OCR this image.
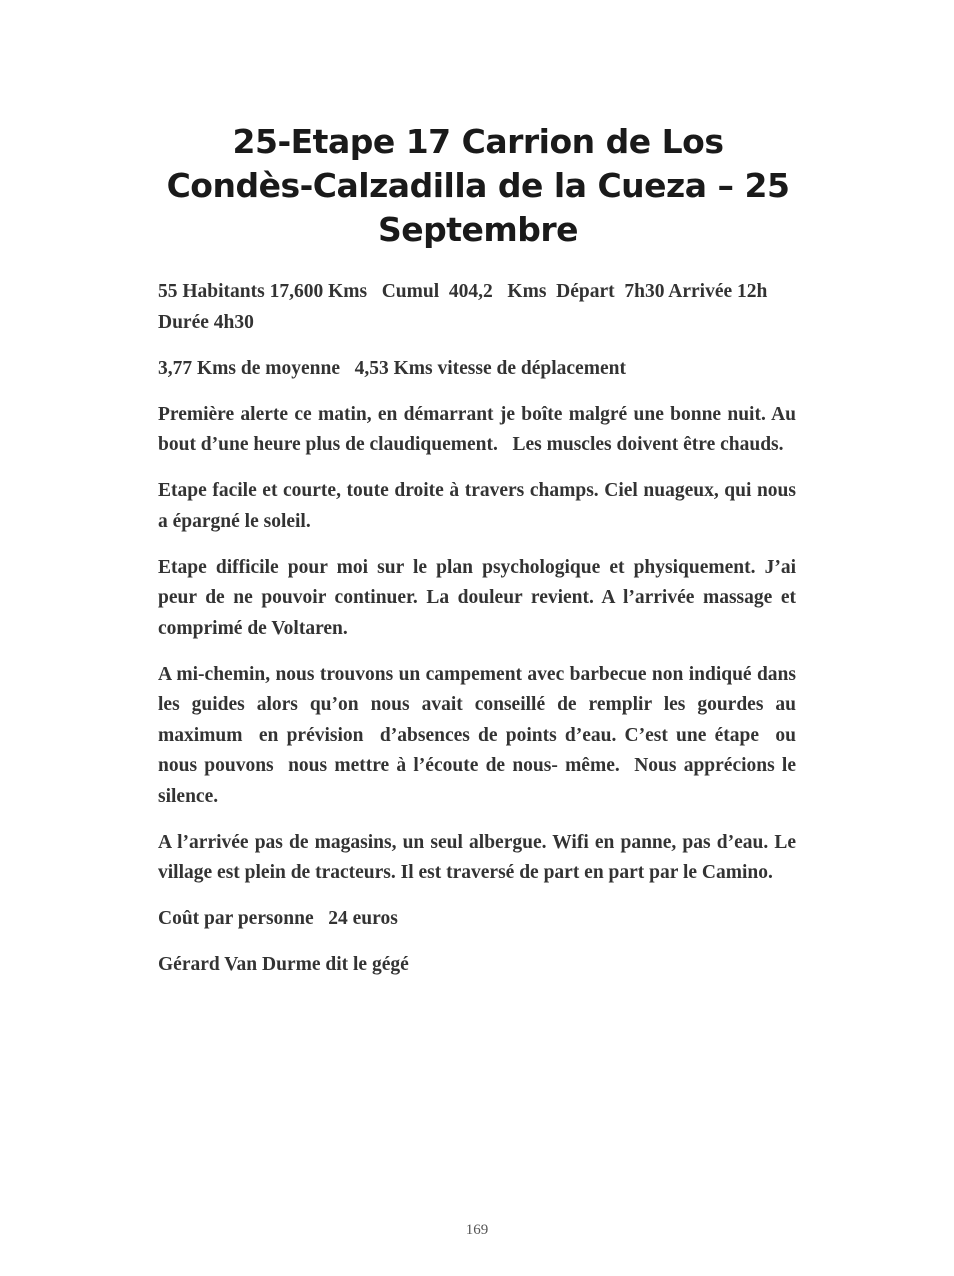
25-Etape 17 Carrion de Los
Condès-Calzadilla de la Cueza – 25
Septembre

55 Habitants 17,600 Kms   Cumul  404,2   Kms  Départ  7h30 Arrivée 12h  Durée 4h30

3,77 Kms de moyenne   4,53 Kms vitesse de déplacement

Première alerte ce matin, en démarrant je boîte malgré une bonne nuit. Au bout d’une heure plus de claudiquement.   Les muscles doivent être chauds.

Etape facile et courte, toute droite à travers champs. Ciel nuageux, qui nous a épargné le soleil.

Etape difficile pour moi sur le plan psychologique et physiquement. J’ai peur de ne pouvoir continuer. La douleur revient. A l’arrivée massage et comprimé de Voltaren.

A mi-chemin, nous trouvons un campement avec barbecue non indiqué dans les guides alors qu’on nous avait conseillé de remplir les gourdes au maximum  en prévision  d’absences de points d’eau. C’est une étape  ou nous pouvons  nous mettre à l’écoute de nous- même.  Nous apprécions le silence.

A l’arrivée pas de magasins, un seul albergue. Wifi en panne, pas d’eau. Le village est plein de tracteurs. Il est traversé de part en part par le Camino.

Coût par personne   24 euros

Gérard Van Durme dit le gégé

169
